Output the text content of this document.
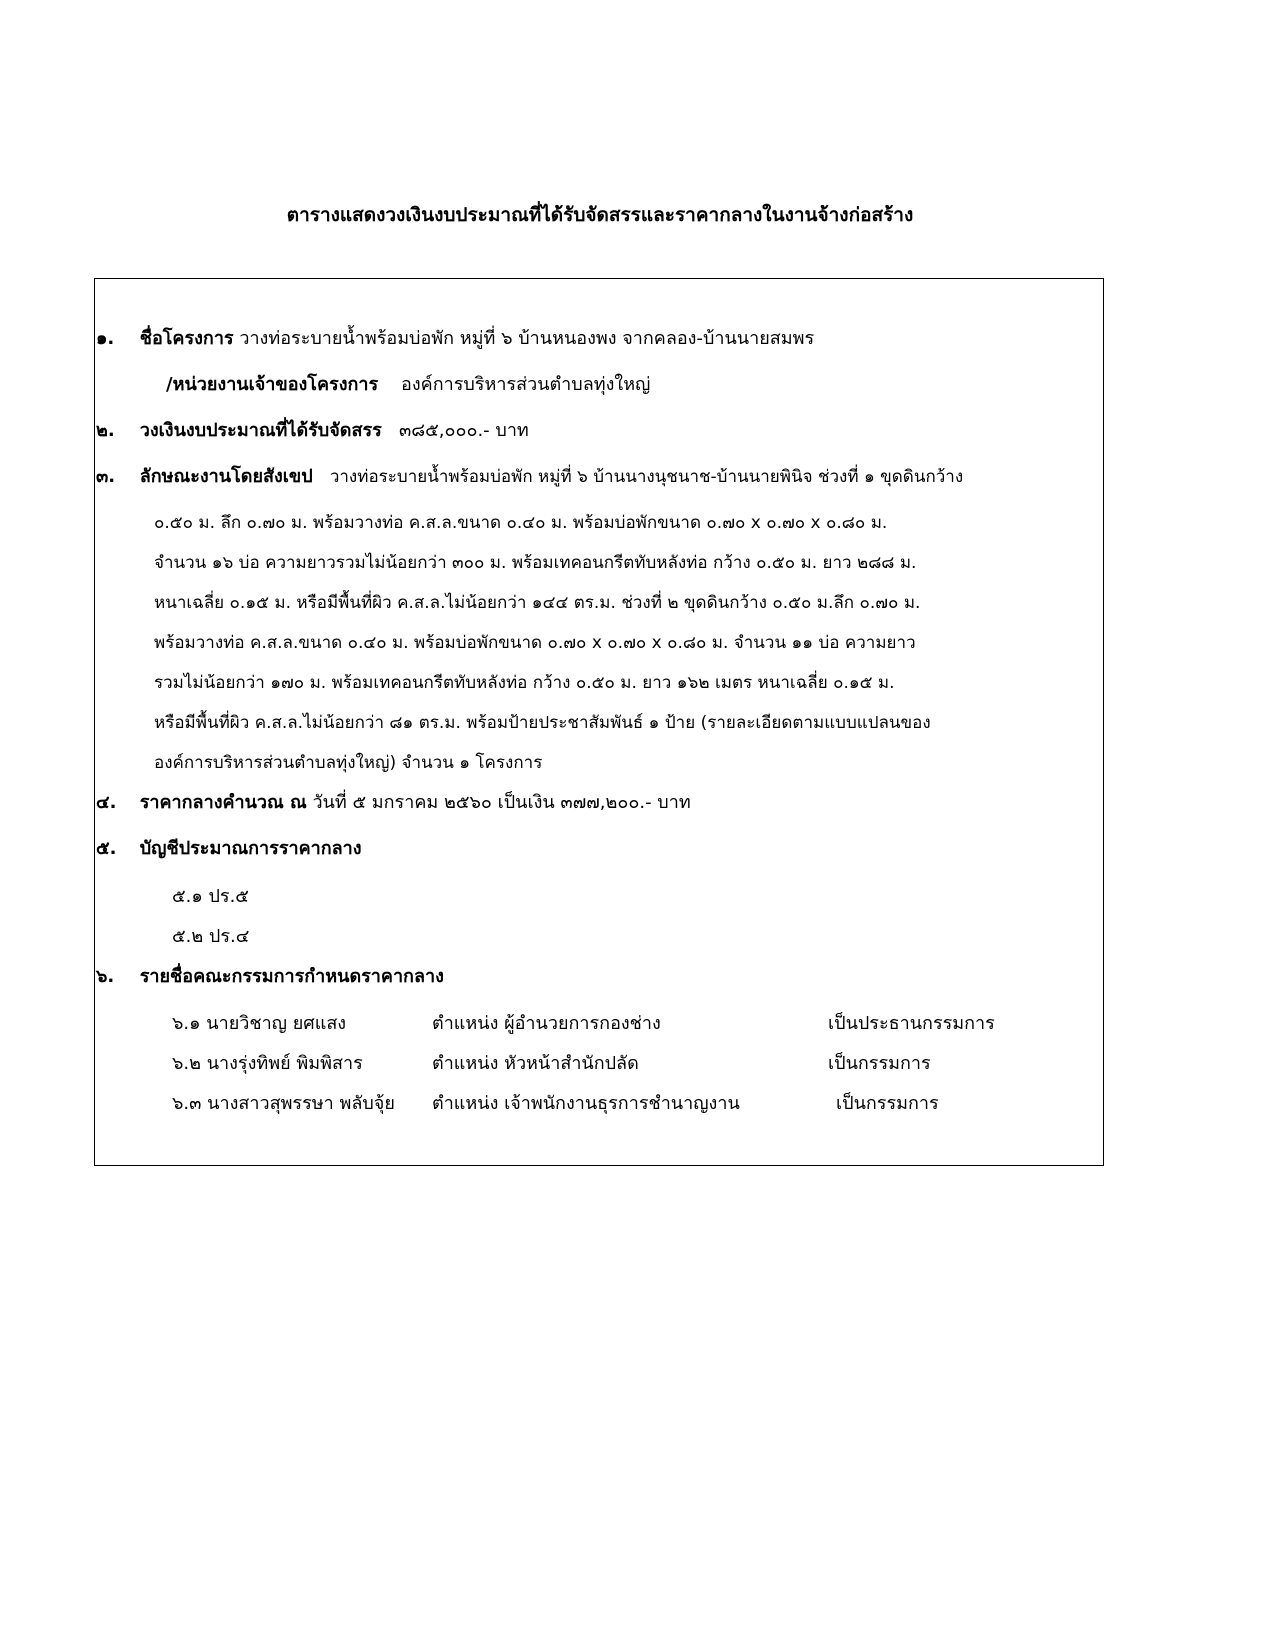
ตารางแสดงวงเงินงบประมาณที่ได้รับจัดสรรและราคากลางในงานจ้างก่อสร้าง
๑. ชื่อโครงการ วางท่อระบายน้ำพร้อมบ่อพัก หมู่ที่ ๖ บ้านหนองพง จากคลอง-บ้านนายสมพร
/หน่วยงานเจ้าของโครงการ องค์การบริหารส่วนตำบลทุ่งใหญ่
๒. วงเงินงบประมาณที่ได้รับจัดสรร ๓๘๕,๐๐๐.- บาท
๓. ลักษณะงานโดยสังเขป วางท่อระบายน้ำพร้อมบ่อพัก หมู่ที่ ๖ บ้านนางนุชนาช-บ้านนายพินิจ ช่วงที่ ๑ ขุดดินกว้าง
๐.๕๐ ม. ลึก ๐.๗๐ ม. พร้อมวางท่อ ค.ส.ล.ขนาด ๐.๔๐ ม. พร้อมบ่อพักขนาด ๐.๗๐ x ๐.๗๐ x ๐.๘๐ ม.
จำนวน ๑๖ บ่อ ความยาวรวมไม่น้อยกว่า ๓๐๐ ม. พร้อมเทคอนกรีตทับหลังท่อ กว้าง ๐.๕๐ ม. ยาว ๒๘๘ ม.
หนาเฉลี่ย ๐.๑๕ ม. หรือมีพื้นที่ผิว ค.ส.ล.ไม่น้อยกว่า ๑๔๔ ตร.ม. ช่วงที่ ๒ ขุดดินกว้าง ๐.๕๐ ม.ลึก ๐.๗๐ ม.
พร้อมวางท่อ ค.ส.ล.ขนาด ๐.๔๐ ม. พร้อมบ่อพักขนาด ๐.๗๐ x ๐.๗๐ x ๐.๘๐ ม. จำนวน ๑๑ บ่อ ความยาว
รวมไม่น้อยกว่า ๑๗๐ ม. พร้อมเทคอนกรีตทับหลังท่อ กว้าง ๐.๕๐ ม. ยาว ๑๖๒ เมตร หนาเฉลี่ย ๐.๑๕ ม.
หรือมีพื้นที่ผิว ค.ส.ล.ไม่น้อยกว่า ๘๑ ตร.ม. พร้อมป้ายประชาสัมพันธ์ ๑ ป้าย (รายละเอียดตามแบบแปลนของ
องค์การบริหารส่วนตำบลทุ่งใหญ่) จำนวน ๑ โครงการ
๔. ราคากลางคำนวณ ณ วันที่ ๕ มกราคม ๒๕๖๐ เป็นเงิน ๓๗๗,๒๐๐.- บาท
๕. บัญชีประมาณการราคากลาง
๕.๑ ปร.๕
๕.๒ ปร.๔
๖. รายชื่อคณะกรรมการกำหนดราคากลาง
๖.๑ นายวิชาญ ยศแสง	ตำแหน่ง ผู้อำนวยการกองช่าง	เป็นประธานกรรมการ
๖.๒ นางรุ่งทิพย์ พิมพิสาร	ตำแหน่ง หัวหน้าสำนักปลัด	เป็นกรรมการ
๖.๓ นางสาวสุพรรษา พลับจุ้ย ตำแหน่ง เจ้าพนักงานธุรการชำนาญงาน	เป็นกรรมการ
